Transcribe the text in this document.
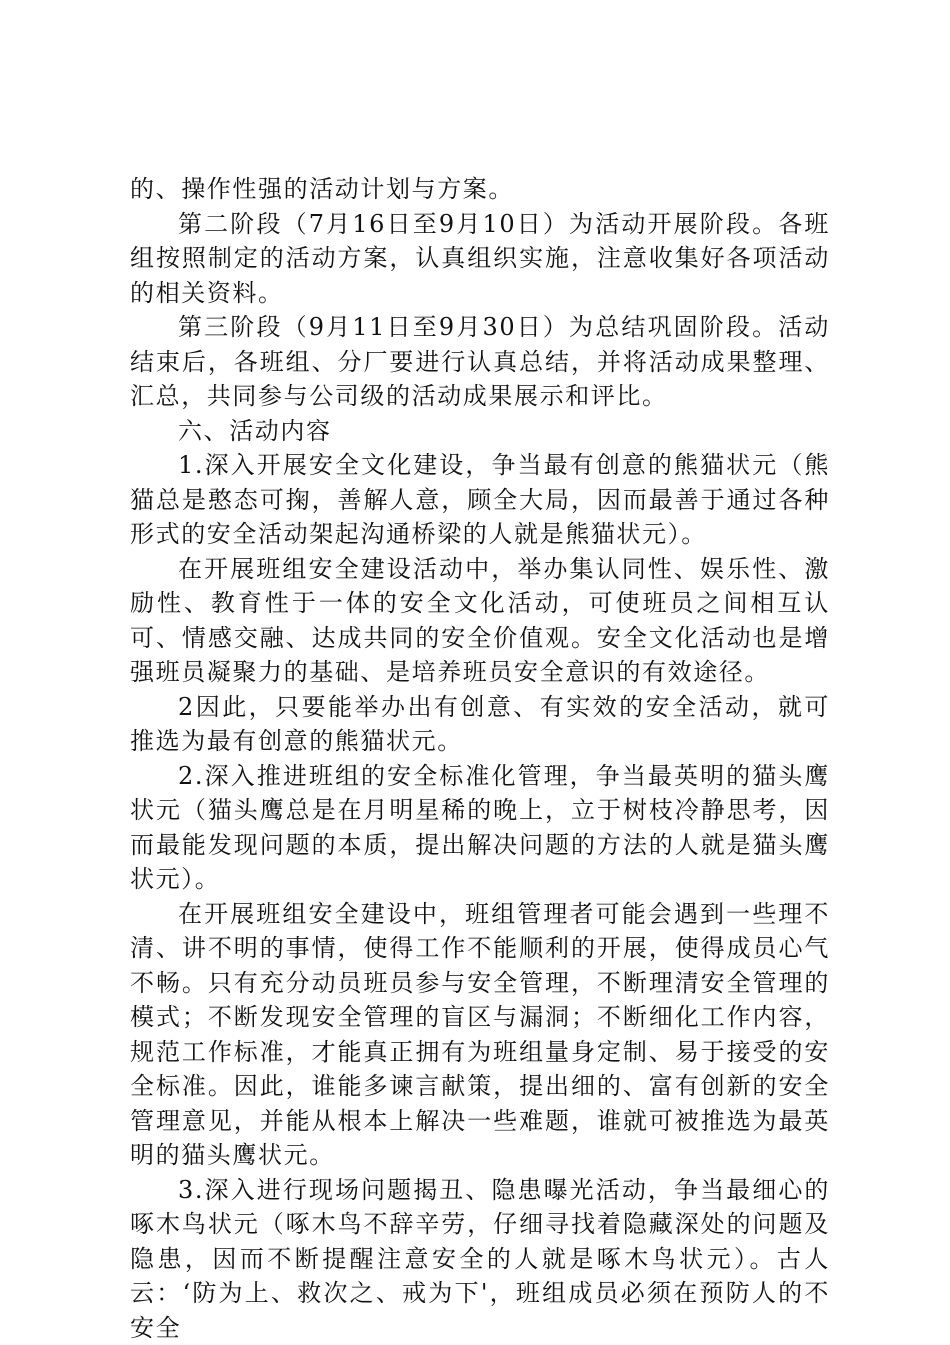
的、操作性强的活动计划与方案。

第二阶段（7月16日至9月10日）为活动开展阶段。各班组按照制定的活动方案，认真组织实施，注意收集好各项活动的相关资料。

第三阶段（9月11日至9月30日）为总结巩固阶段。活动结束后，各班组、分厂要进行认真总结，并将活动成果整理、汇总，共同参与公司级的活动成果展示和评比。

六、活动内容

1.深入开展安全文化建设，争当最有创意的熊猫状元（熊猫总是憨态可掬，善解人意，顾全大局，因而最善于通过各种形式的安全活动架起沟通桥梁的人就是熊猫状元）。

在开展班组安全建设活动中，举办集认同性、娱乐性、激励性、教育性于一体的安全文化活动，可使班员之间相互认可、情感交融、达成共同的安全价值观。安全文化活动也是增强班员凝聚力的基础、是培养班员安全意识的有效途径。

2因此，只要能举办出有创意、有实效的安全活动，就可推选为最有创意的熊猫状元。

2.深入推进班组的安全标准化管理，争当最英明的猫头鹰状元（猫头鹰总是在月明星稀的晚上，立于树枝冷静思考，因而最能发现问题的本质，提出解决问题的方法的人就是猫头鹰状元）。

在开展班组安全建设中，班组管理者可能会遇到一些理不清、讲不明的事情，使得工作不能顺利的开展，使得成员心气不畅。只有充分动员班员参与安全管理，不断理清安全管理的模式；不断发现安全管理的盲区与漏洞；不断细化工作内容，规范工作标准，才能真正拥有为班组量身定制、易于接受的安全标准。因此，谁能多谏言献策，提出细的、富有创新的安全管理意见，并能从根本上解决一些难题，谁就可被推选为最英明的猫头鹰状元。

3.深入进行现场问题揭丑、隐患曝光活动，争当最细心的啄木鸟状元（啄木鸟不辞辛劳，仔细寻找着隐藏深处的问题及隐患，因而不断提醒注意安全的人就是啄木鸟状元）。古人云：‘防为上、救次之、戒为下'，班组成员必须在预防人的不安全
